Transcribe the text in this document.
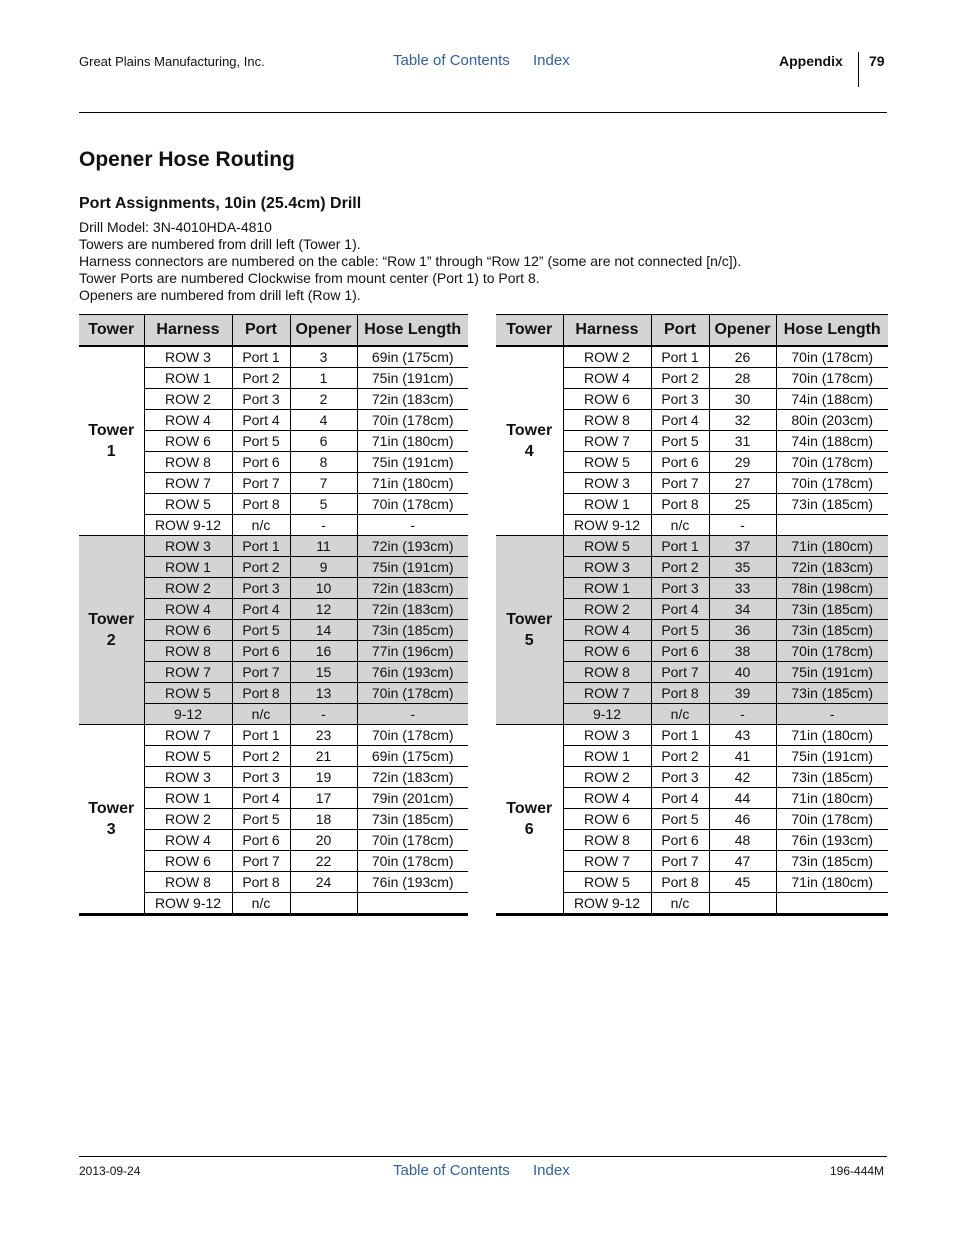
Great Plains Manufacturing, Inc.	Table of Contents Index	Appendix 79
Opener Hose Routing
Port Assignments, 10in (25.4cm) Drill
Drill Model: 3N-4010HDA-4810
Towers are numbered from drill left (Tower 1).
Harness connectors are numbered on the cable: “Row 1” through “Row 12” (some are not connected [n/c]).
Tower Ports are numbered Clockwise from mount center (Port 1) to Port 8.
Openers are numbered from drill left (Row 1).
Tower	Harness	Port	Opener	Hose Length

Tower
1	ROW 3	Port 1	3	69in (175cm)
	ROW 1	Port 2	1	75in (191cm)
	ROW 2	Port 3	2	72in (183cm)
	ROW 4	Port 4	4	70in (178cm)
	ROW 6	Port 5	6	71in (180cm)
	ROW 8	Port 6	8	75in (191cm)
	ROW 7	Port 7	7	71in (180cm)
	ROW 5	Port 8	5	70in (178cm)
	ROW 9-12	n/c	-	-

Tower
2	ROW 3	Port 1	11	72in (193cm)
	ROW 1	Port 2	9	75in (191cm)
	ROW 2	Port 3	10	72in (183cm)
	ROW 4	Port 4	12	72in (183cm)
	ROW 6	Port 5	14	73in (185cm)
	ROW 8	Port 6	16	77in (196cm)
	ROW 7	Port 7	15	76in (193cm)
	ROW 5	Port 8	13	70in (178cm)
	9-12	n/c	-	-

Tower
3	ROW 7	Port 1	23	70in (178cm)
	ROW 5	Port 2	21	69in (175cm)
	ROW 3	Port 3	19	72in (183cm)
	ROW 1	Port 4	17	79in (201cm)
	ROW 2	Port 5	18	73in (185cm)
	ROW 4	Port 6	20	70in (178cm)
	ROW 6	Port 7	22	70in (178cm)
	ROW 8	Port 8	24	76in (193cm)
	ROW 9-12	n/c		
Tower	Harness	Port	Opener	Hose Length

Tower
4	ROW 2	Port 1	26	70in (178cm)
	ROW 4	Port 2	28	70in (178cm)
	ROW 6	Port 3	30	74in (188cm)
	ROW 8	Port 4	32	80in (203cm)
	ROW 7	Port 5	31	74in (188cm)
	ROW 5	Port 6	29	70in (178cm)
	ROW 3	Port 7	27	70in (178cm)
	ROW 1	Port 8	25	73in (185cm)
	ROW 9-12	n/c	-	

Tower
5	ROW 5	Port 1	37	71in (180cm)
	ROW 3	Port 2	35	72in (183cm)
	ROW 1	Port 3	33	78in (198cm)
	ROW 2	Port 4	34	73in (185cm)
	ROW 4	Port 5	36	73in (185cm)
	ROW 6	Port 6	38	70in (178cm)
	ROW 8	Port 7	40	75in (191cm)
	ROW 7	Port 8	39	73in (185cm)
	9-12	n/c	-	-

Tower
6	ROW 3	Port 1	43	71in (180cm)
	ROW 1	Port 2	41	75in (191cm)
	ROW 2	Port 3	42	73in (185cm)
	ROW 4	Port 4	44	71in (180cm)
	ROW 6	Port 5	46	70in (178cm)
	ROW 8	Port 6	48	76in (193cm)
	ROW 7	Port 7	47	73in (185cm)
	ROW 5	Port 8	45	71in (180cm)
	ROW 9-12	n/c		
2013-09-24	Table of Contents Index	196-444M
